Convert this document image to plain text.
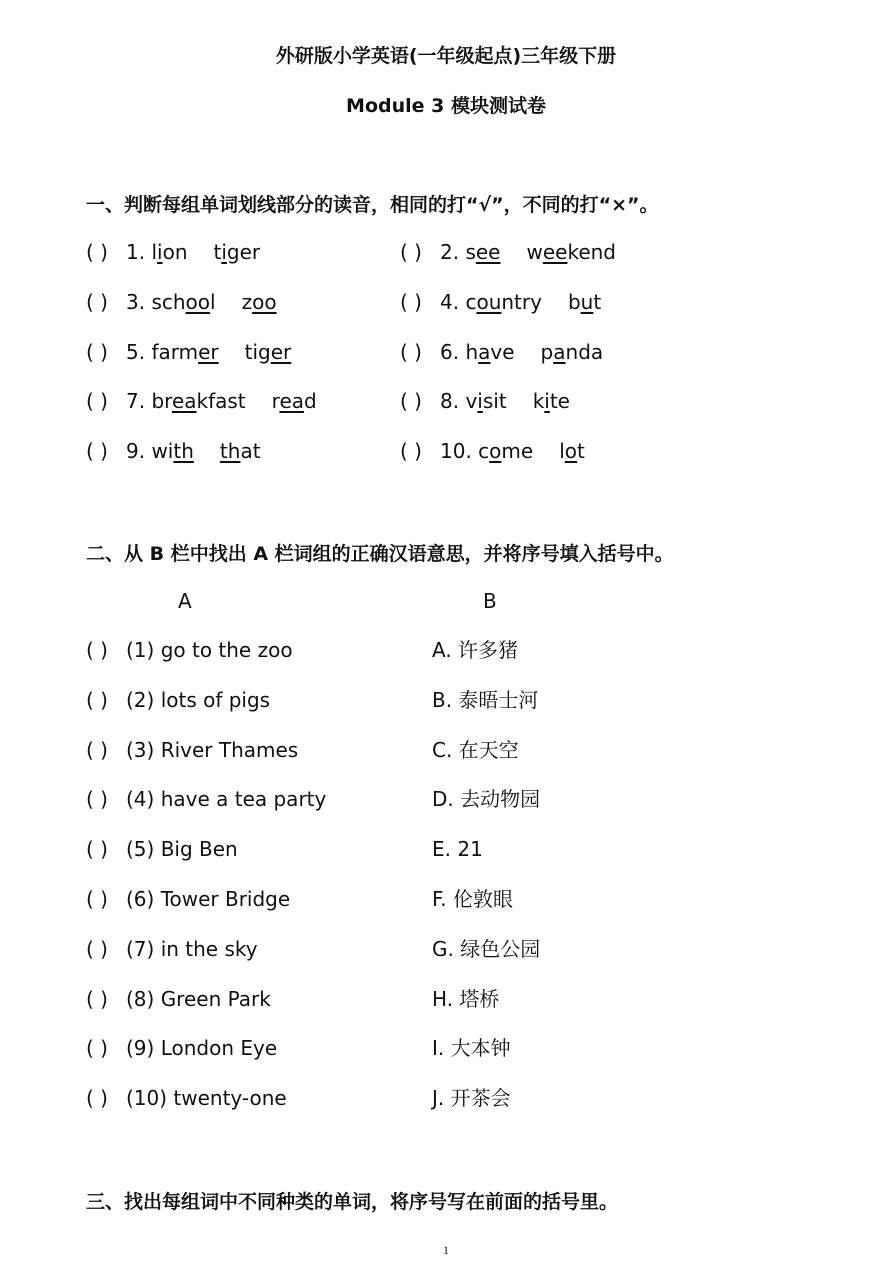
外研版小学英语(一年级起点)三年级下册
Module 3 模块测试卷
一、判断每组单词划线部分的读音，相同的打“√”，不同的打“×”。
( ) 1. lion tiger	( ) 2. see weekend
( ) 3. school zoo	( ) 4. country but
( ) 5. farmer tiger	( ) 6. have panda
( ) 7. breakfast read	( ) 8. visit kite
( ) 9. with that	( ) 10. come lot
二、从 B 栏中找出 A 栏词组的正确汉语意思，并将序号填入括号中。
A	B
( ) (1) go to the zoo	A. 许多猪
( ) (2) lots of pigs	B. 泰晤士河
( ) (3) River Thames	C. 在天空
( ) (4) have a tea party	D. 去动物园
( ) (5) Big Ben	E. 21
( ) (6) Tower Bridge	F. 伦敦眼
( ) (7) in the sky	G. 绿色公园
( ) (8) Green Park	H. 塔桥
( ) (9) London Eye	I. 大本钟
( ) (10) twenty-one	J. 开茶会
三、找出每组词中不同种类的单词，将序号写在前面的括号里。
1
